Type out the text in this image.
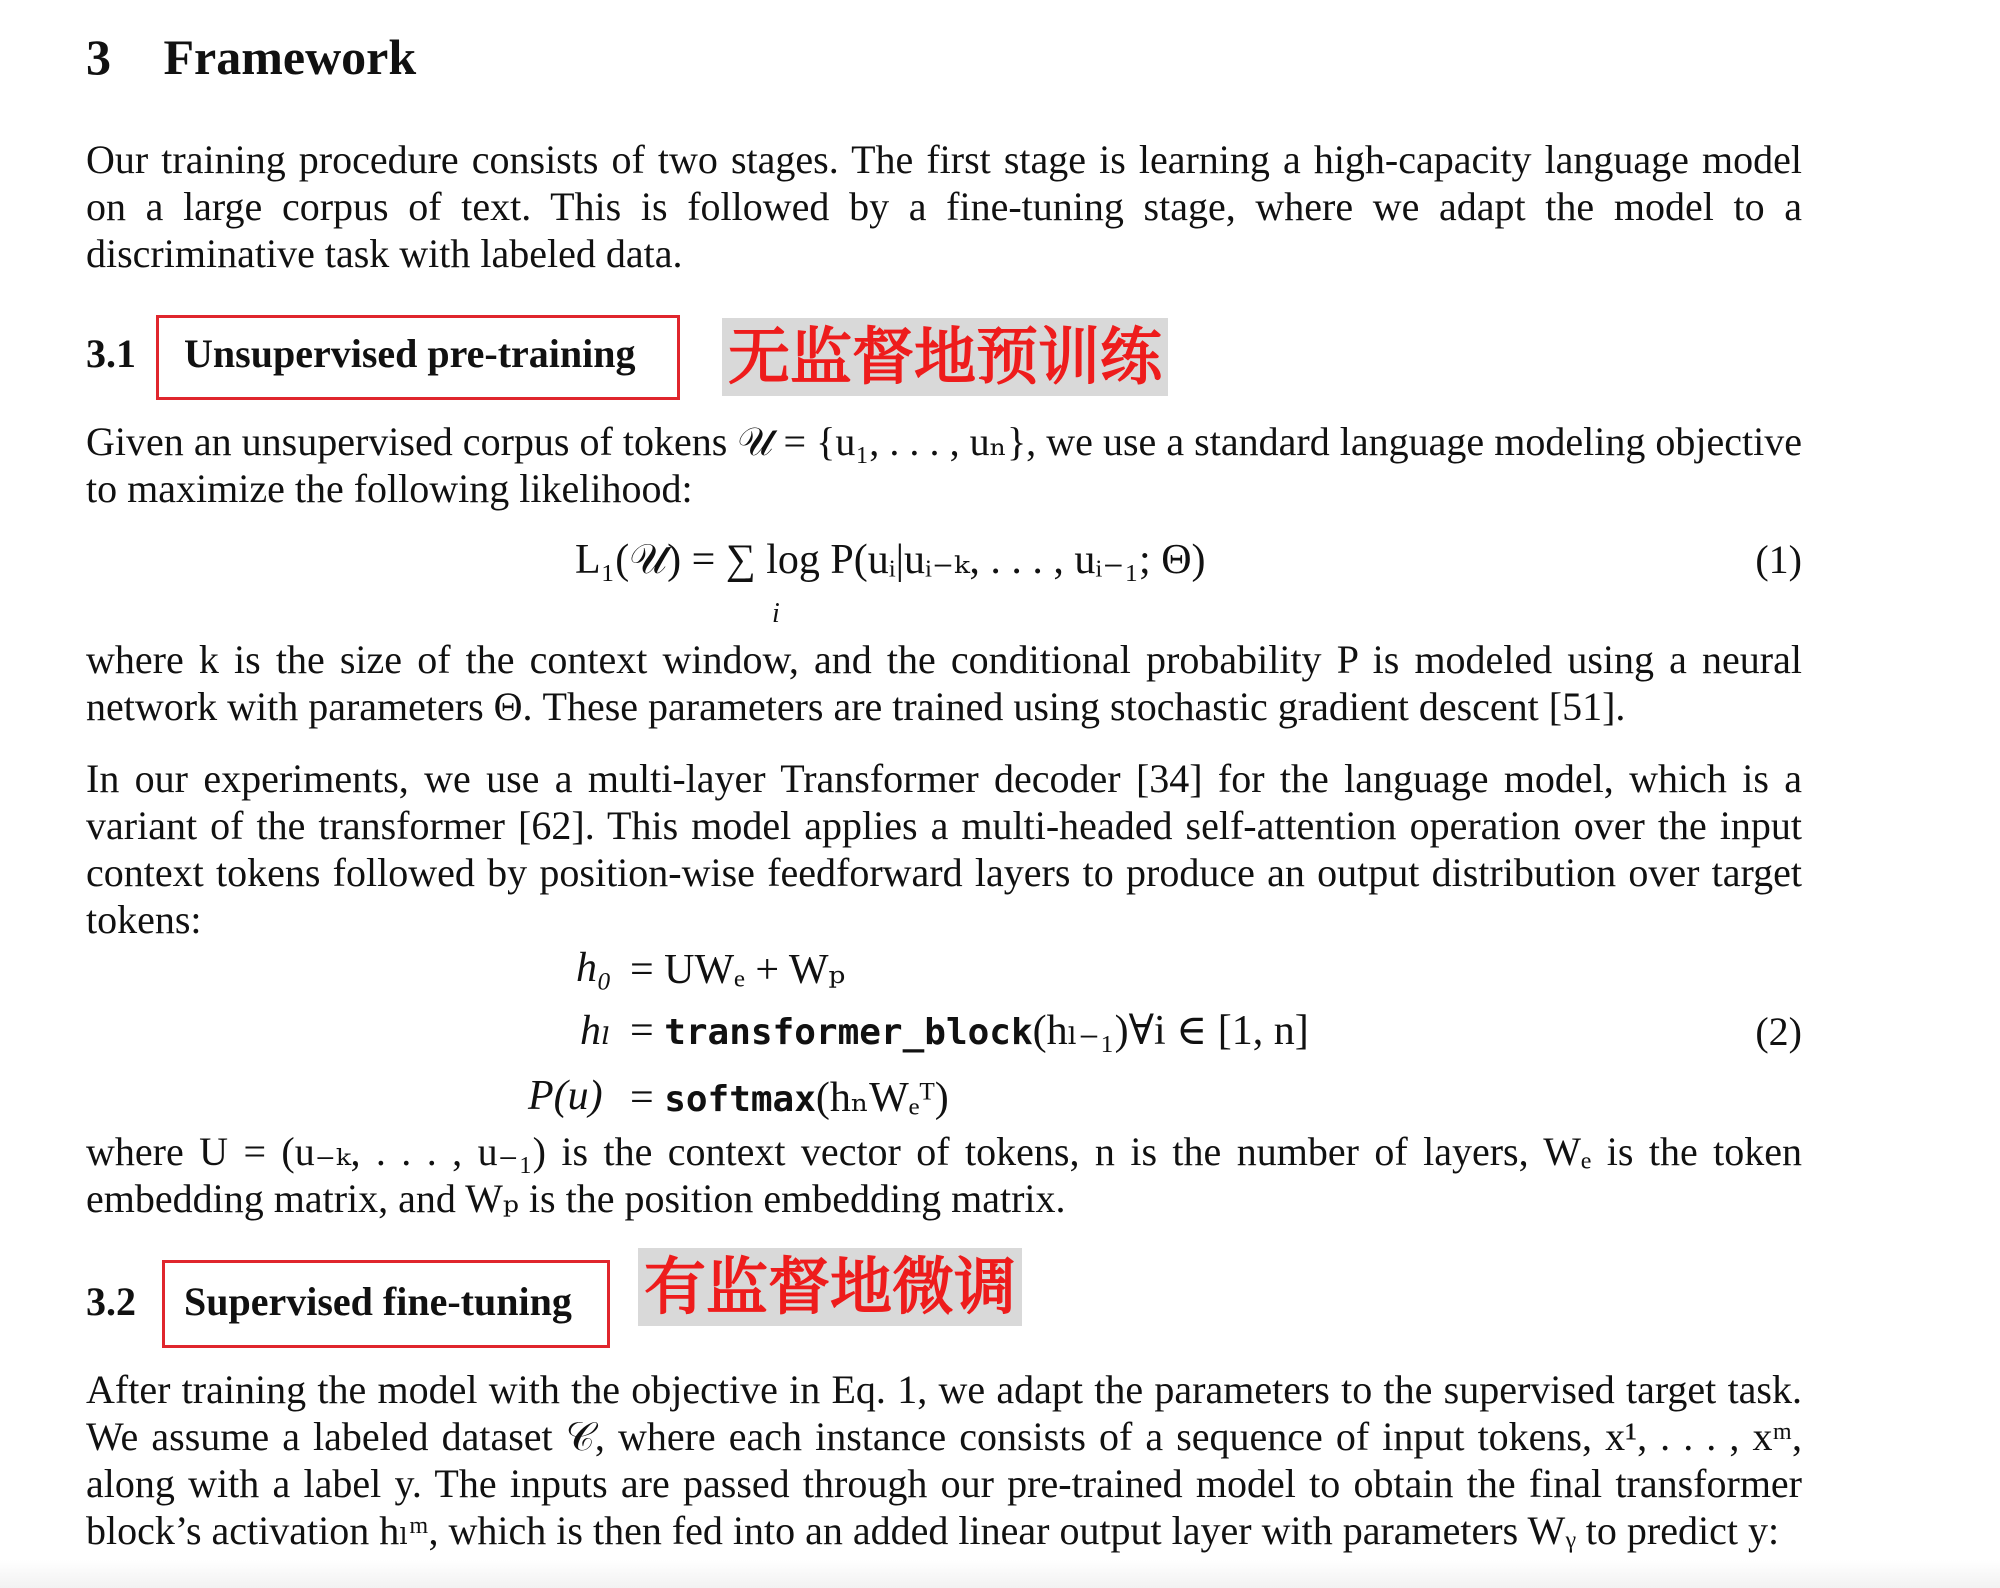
3 Framework
Our training procedure consists of two stages. The first stage is learning a high-capacity language model on a large corpus of text. This is followed by a fine-tuning stage, where we adapt the model to a discriminative task with labeled data.
3.1 Unsupervised pre-training 无监督地预训练
Given an unsupervised corpus of tokens 𝒰 = {u₁, . . . , uₙ}, we use a standard language modeling objective to maximize the following likelihood:
L₁(𝒰) = ∑ log P(uᵢ|uᵢ₋ₖ, . . . , uᵢ₋₁; Θ)
i
(1)
where k is the size of the context window, and the conditional probability P is modeled using a neural network with parameters Θ. These parameters are trained using stochastic gradient descent [51].
In our experiments, we use a multi-layer Transformer decoder [34] for the language model, which is a variant of the transformer [62]. This model applies a multi-headed self-attention operation over the input context tokens followed by position-wise feedforward layers to produce an output distribution over target tokens:
h₀ = UWₑ + Wₚ
hₗ = transformer_block(hₗ₋₁)∀i ∈ [1, n]	(2)
P(u) = softmax(hₙWₑᵀ)
where U = (u₋ₖ, . . . , u₋₁) is the context vector of tokens, n is the number of layers, Wₑ is the token embedding matrix, and Wₚ is the position embedding matrix.
3.2 Supervised fine-tuning 有监督地微调
After training the model with the objective in Eq. 1, we adapt the parameters to the supervised target task. We assume a labeled dataset 𝒞, where each instance consists of a sequence of input tokens, x¹, . . . , xᵐ, along with a label y. The inputs are passed through our pre-trained model to obtain the final transformer block’s activation hₗᵐ, which is then fed into an added linear output layer with parameters Wᵧ to predict y:
